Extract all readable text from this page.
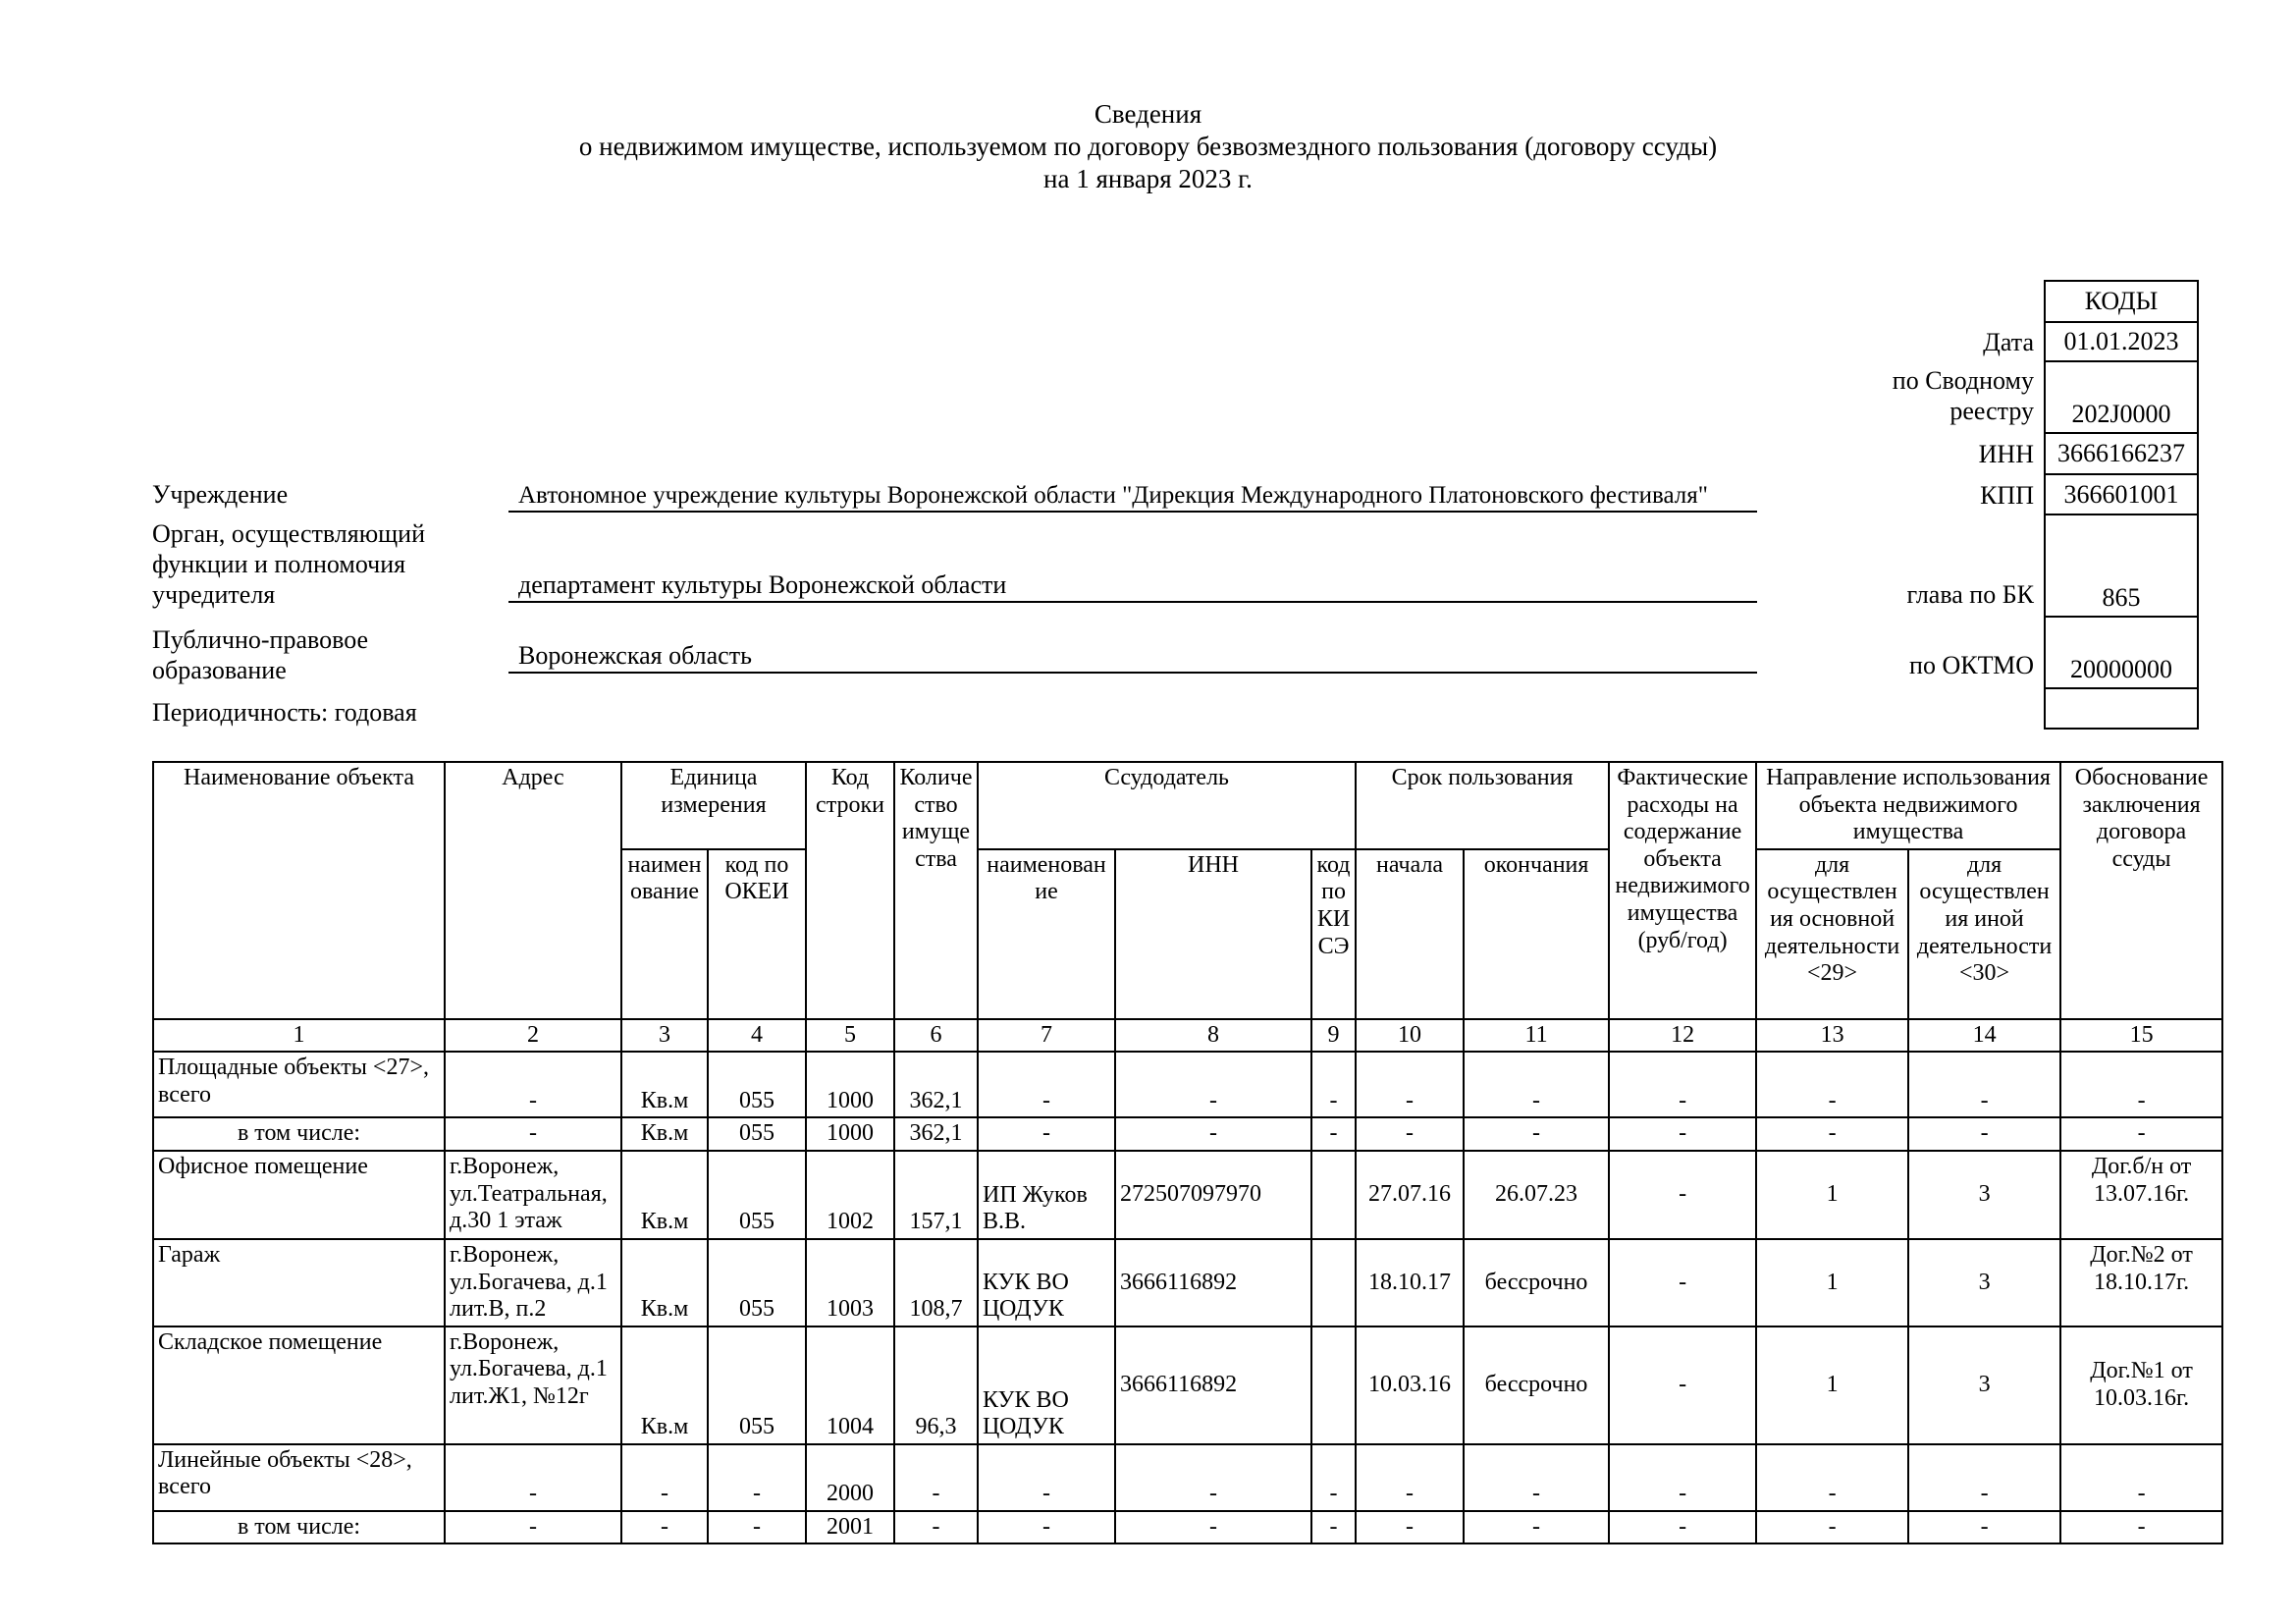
Сведения
о недвижимом имуществе, используемом по договору безвозмездного пользования (договору ссуды)
на 1 января 2023 г.
КОДЫ
01.01.2023
202J0000
3666166237
366601001
865
20000000
Дата
по Сводному реестру
ИНН
КПП
глава по БК
по ОКТМО
Учреждение	Автономное учреждение культуры Воронежской области "Дирекция Международного Платоновского фестиваля"
Орган, осуществляющий функции и полномочия учредителя	департамент культуры Воронежской области
Публично-правовое образование
Воронежская область
Периодичность: годовая
Наименование объекта	Адрес	Единица измерения		Код строки	Количество имущества	Ссудодатель			Срок пользования		Фактические расходы на содержание объекта недвижимого имущества (руб/год)	Направление использования объекта недвижимого имущества		Обоснование заключения договора ссуды
		наименование	код по ОКЕИ			наименование	ИНН	код по КИСЭ	начала	окончания		для осуществления основной деятельности <29>	для осуществления иной деятельности <30>	
1	2	3	4	5	6	7	8	9	10	11	12	13	14	15
Площадные объекты <27>, всего	-	Кв.м	055	1000	362,1	-	-	-	-	-	-	-	-	-
в том числе:	-	Кв.м	055	1000	362,1	-	-	-	-	-	-	-	-	-
Офисное помещение	г.Воронеж, ул.Театральная, д.30 1 этаж	Кв.м	055	1002	157,1	ИП Жуков В.В.	272507097970		27.07.16	26.07.23	-	1	3	Дог.б/н от 13.07.16г.
Гараж	г.Воронеж, ул.Богачева, д.1 лит.В, п.2	Кв.м	055	1003	108,7	КУК ВО ЦОДУК	3666116892		18.10.17	бессрочно	-	1	3	Дог.№2 от 18.10.17г.
Складское помещение	г.Воронеж, ул.Богачева, д.1 лит.Ж1, №12г	Кв.м	055	1004	96,3	КУК ВО ЦОДУК	3666116892		10.03.16	бессрочно	-	1	3	Дог.№1 от 10.03.16г.
Линейные объекты <28>, всего	-	-	-	2000	-	-	-	-	-	-	-	-	-	-
в том числе:	-	-	-	2001	-	-	-	-	-	-	-	-	-	-
